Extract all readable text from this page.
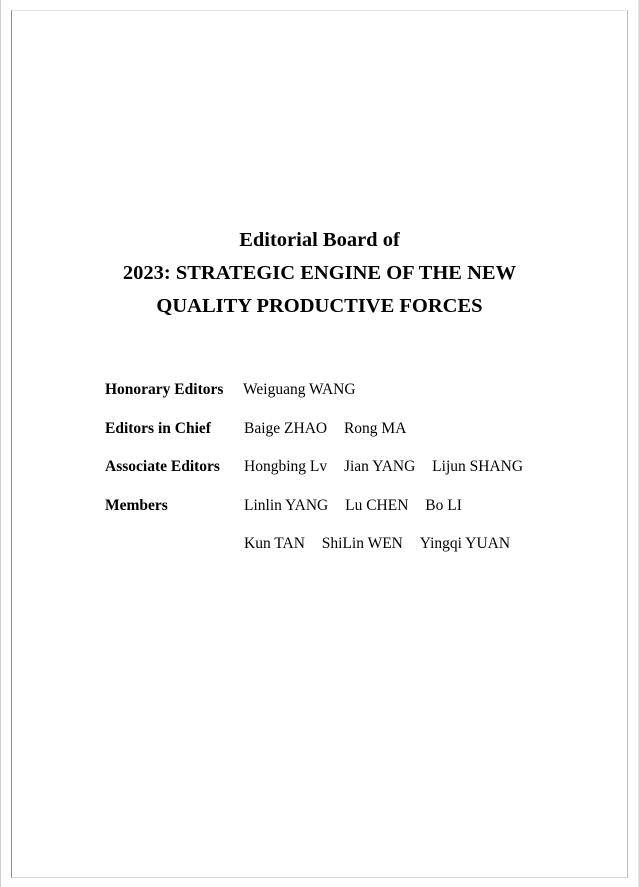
Editorial Board of
2023: STRATEGIC ENGINE OF THE NEW
QUALITY PRODUCTIVE FORCES
Honorary Editors Weiguang WANG
Editors in Chief Baige ZHAO Rong MA
Associate Editors Hongbing Lv Jian YANG Lijun SHANG
Members	Linlin YANG Lu CHEN Bo LI
Kun TAN ShiLin WEN Yingqi YUAN
